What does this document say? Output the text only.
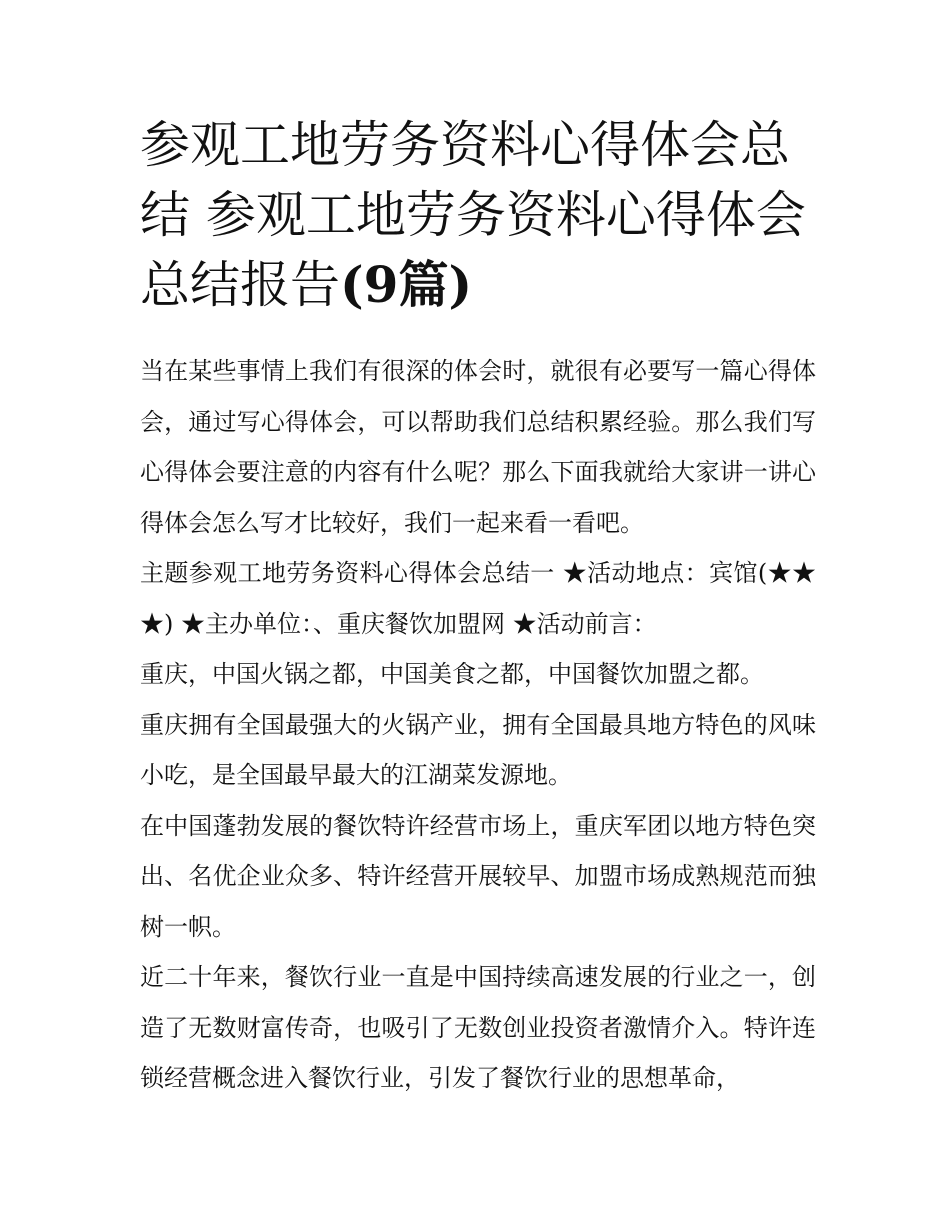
参观工地劳务资料心得体会总结 参观工地劳务资料心得体会总结报告(9篇)

当在某些事情上我们有很深的体会时，就很有必要写一篇心得体会，通过写心得体会，可以帮助我们总结积累经验。那么我们写心得体会要注意的内容有什么呢？那么下面我就给大家讲一讲心得体会怎么写才比较好，我们一起来看一看吧。

主题参观工地劳务资料心得体会总结一 ★活动地点：宾馆(★★★) ★主办单位：、重庆餐饮加盟网 ★活动前言：

重庆，中国火锅之都，中国美食之都，中国餐饮加盟之都。

重庆拥有全国最强大的火锅产业，拥有全国最具地方特色的风味小吃，是全国最早最大的江湖菜发源地。

在中国蓬勃发展的餐饮特许经营市场上，重庆军团以地方特色突出、名优企业众多、特许经营开展较早、加盟市场成熟规范而独树一帜。

近二十年来，餐饮行业一直是中国持续高速发展的行业之一，创造了无数财富传奇，也吸引了无数创业投资者激情介入。特许连锁经营概念进入餐饮行业，引发了餐饮行业的思想革命，
